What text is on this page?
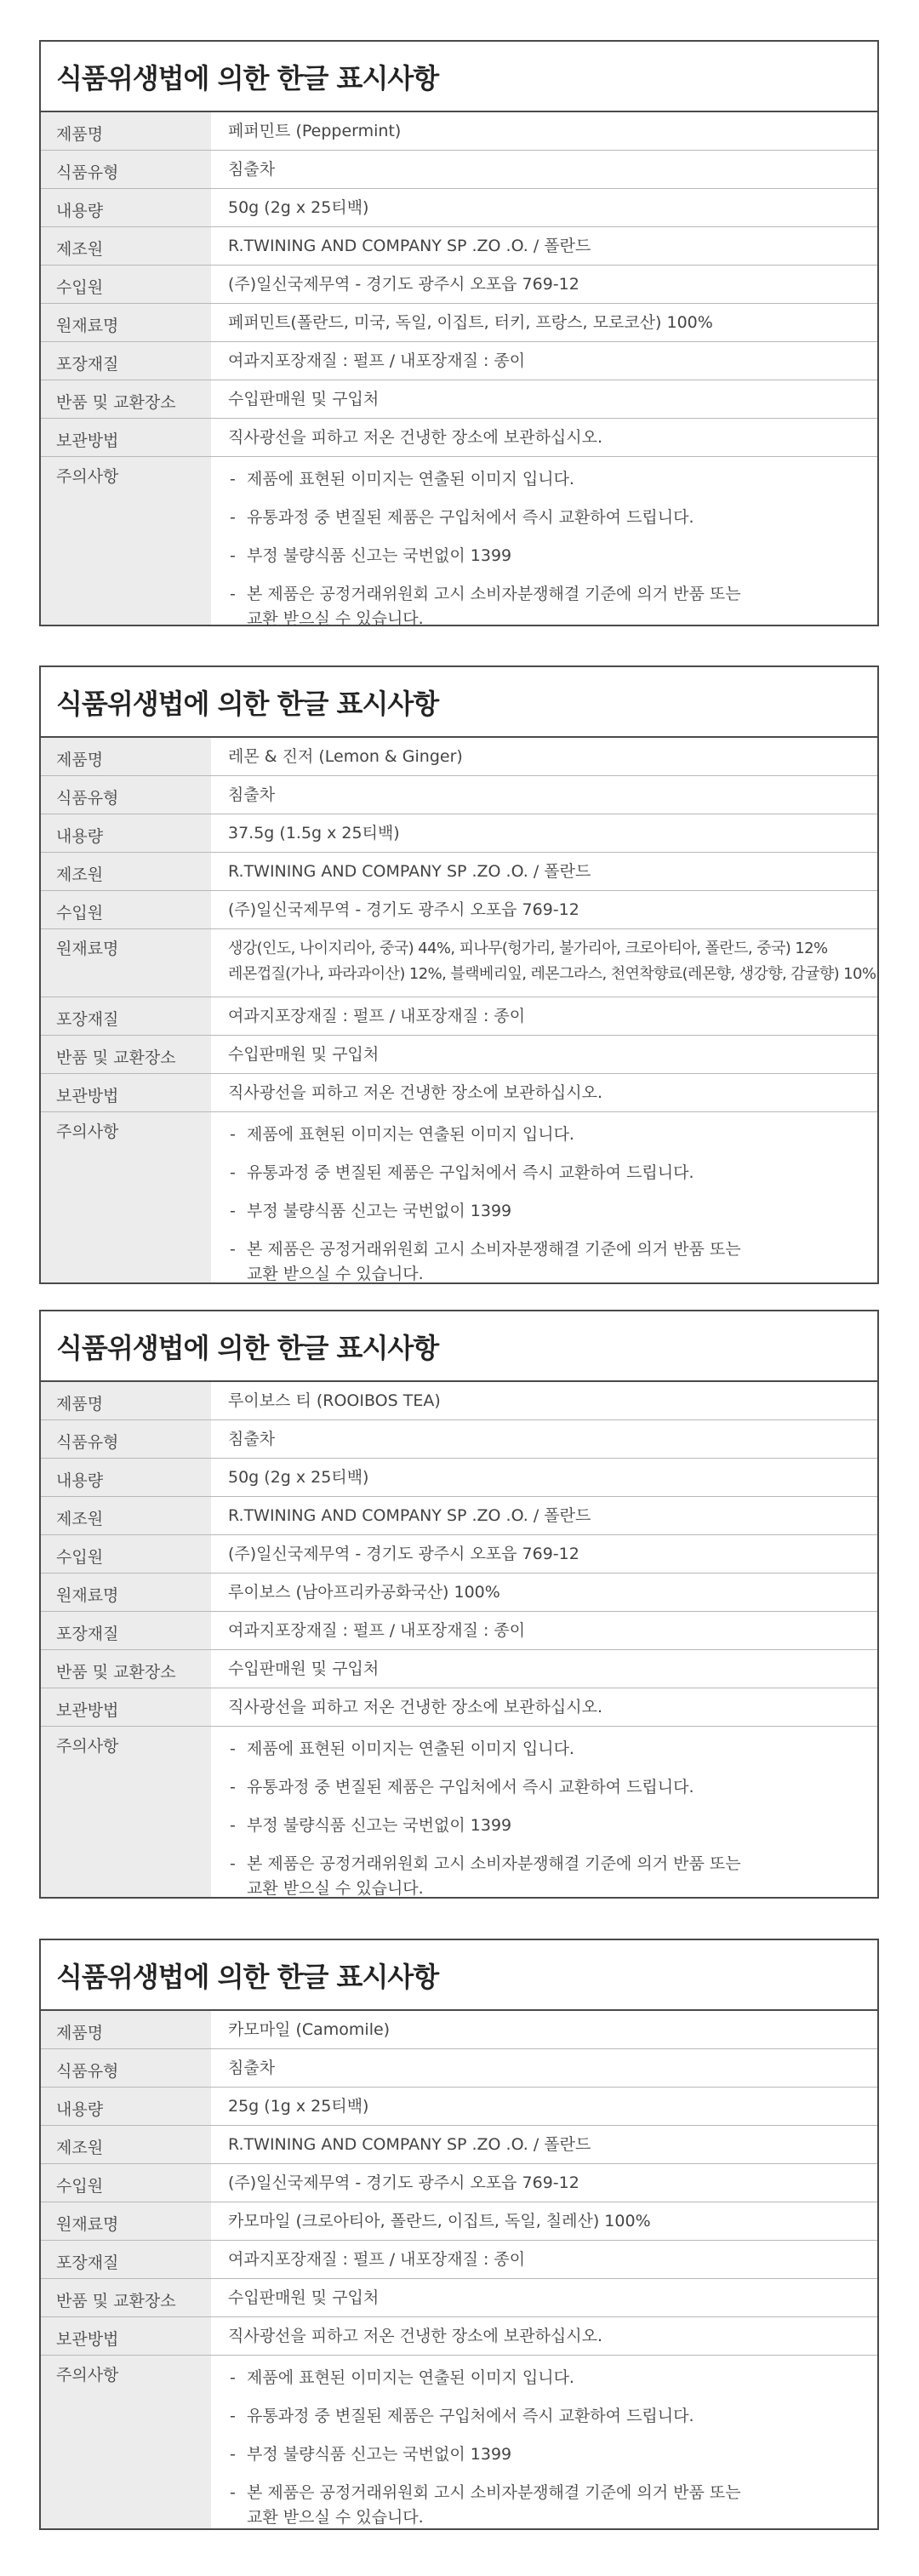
식품위생법에 의한 한글 표시사항
제품명	페퍼민트 (Peppermint)
식품유형	침출차
내용량	50g (2g x 25티백)
제조원	R.TWINING AND COMPANY SP .ZO .O. / 폴란드
수입원	(주)일신국제무역 - 경기도 광주시 오포읍 769-12
원재료명	페퍼민트(폴란드, 미국, 독일, 이집트, 터키, 프랑스, 모로코산) 100%
포장재질	여과지포장재질 : 펄프 / 내포장재질 : 종이
반품 및 교환장소	수입판매원 및 구입처
보관방법	직사광선을 피하고 저온 건냉한 장소에 보관하십시오.
주의사항	- 제품에 표현된 이미지는 연출된 이미지 입니다.
- 유통과정 중 변질된 제품은 구입처에서 즉시 교환하여 드립니다.
- 부정 불량식품 신고는 국번없이 1399
- 본 제품은 공정거래위원회 고시 소비자분쟁해결 기준에 의거 반품 또는
교환 받으실 수 있습니다.
식품위생법에 의한 한글 표시사항
제품명	레몬 & 진저 (Lemon & Ginger)
식품유형	침출차
내용량	37.5g (1.5g x 25티백)
제조원	R.TWINING AND COMPANY SP .ZO .O. / 폴란드
수입원	(주)일신국제무역 - 경기도 광주시 오포읍 769-12
원재료명	생강(인도, 나이지리아, 중국) 44%, 피나무(헝가리, 불가리아, 크로아티아, 폴란드, 중국) 12%
레몬껍질(가나, 파라과이산) 12%, 블랙베리잎, 레몬그라스, 천연착향료(레몬향, 생강향, 감귤향) 10%
포장재질	여과지포장재질 : 펄프 / 내포장재질 : 종이
반품 및 교환장소	수입판매원 및 구입처
보관방법	직사광선을 피하고 저온 건냉한 장소에 보관하십시오.
주의사항	- 제품에 표현된 이미지는 연출된 이미지 입니다.
- 유통과정 중 변질된 제품은 구입처에서 즉시 교환하여 드립니다.
- 부정 불량식품 신고는 국번없이 1399
- 본 제품은 공정거래위원회 고시 소비자분쟁해결 기준에 의거 반품 또는
교환 받으실 수 있습니다.
식품위생법에 의한 한글 표시사항
제품명	루이보스 티 (ROOIBOS TEA)
식품유형	침출차
내용량	50g (2g x 25티백)
제조원	R.TWINING AND COMPANY SP .ZO .O. / 폴란드
수입원	(주)일신국제무역 - 경기도 광주시 오포읍 769-12
원재료명	루이보스 (남아프리카공화국산) 100%
포장재질	여과지포장재질 : 펄프 / 내포장재질 : 종이
반품 및 교환장소	수입판매원 및 구입처
보관방법	직사광선을 피하고 저온 건냉한 장소에 보관하십시오.
주의사항	- 제품에 표현된 이미지는 연출된 이미지 입니다.
- 유통과정 중 변질된 제품은 구입처에서 즉시 교환하여 드립니다.
- 부정 불량식품 신고는 국번없이 1399
- 본 제품은 공정거래위원회 고시 소비자분쟁해결 기준에 의거 반품 또는
교환 받으실 수 있습니다.
식품위생법에 의한 한글 표시사항
제품명	카모마일 (Camomile)
식품유형	침출차
내용량	25g (1g x 25티백)
제조원	R.TWINING AND COMPANY SP .ZO .O. / 폴란드
수입원	(주)일신국제무역 - 경기도 광주시 오포읍 769-12
원재료명	카모마일 (크로아티아, 폴란드, 이집트, 독일, 칠레산) 100%
포장재질	여과지포장재질 : 펄프 / 내포장재질 : 종이
반품 및 교환장소	수입판매원 및 구입처
보관방법	직사광선을 피하고 저온 건냉한 장소에 보관하십시오.
주의사항	- 제품에 표현된 이미지는 연출된 이미지 입니다.
- 유통과정 중 변질된 제품은 구입처에서 즉시 교환하여 드립니다.
- 부정 불량식품 신고는 국번없이 1399
- 본 제품은 공정거래위원회 고시 소비자분쟁해결 기준에 의거 반품 또는
교환 받으실 수 있습니다.
